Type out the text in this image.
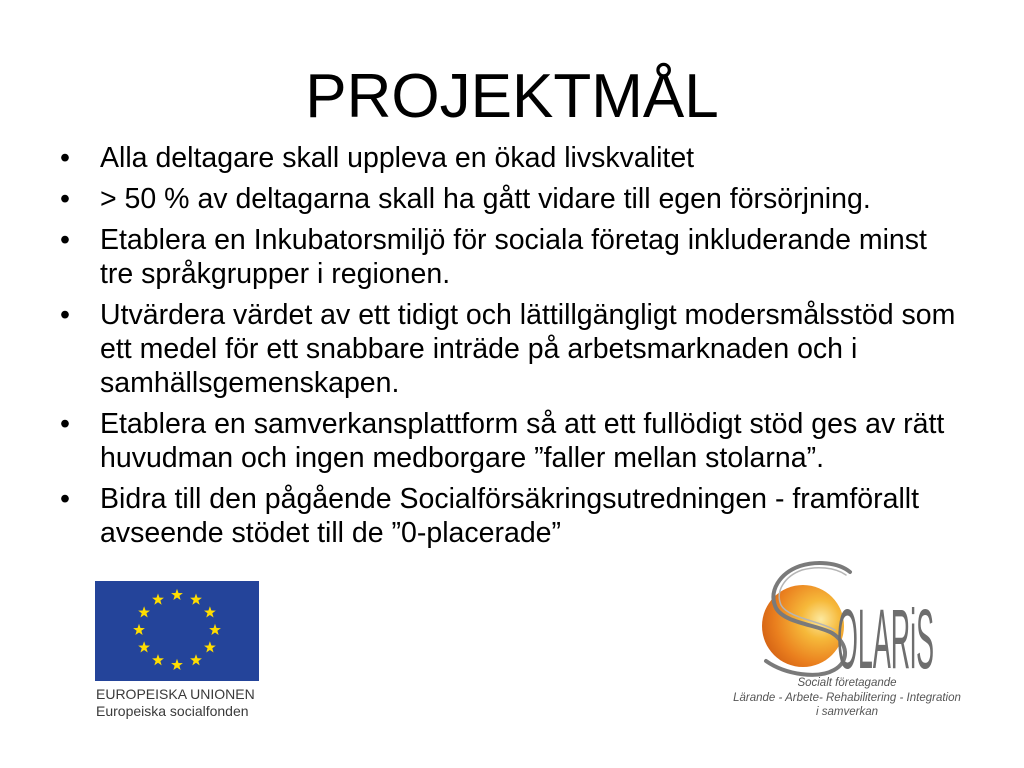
PROJEKTMÅL
• Alla deltagare skall uppleva en ökad livskvalitet
• > 50 % av deltagarna skall ha gått vidare till egen försörjning.
• Etablera en Inkubatorsmiljö för sociala företag inkluderande minst
tre språkgrupper i regionen.
• Utvärdera värdet av ett tidigt och lättillgängligt modersmålsstöd som
ett medel för ett snabbare inträde på arbetsmarknaden och i
samhällsgemenskapen.
• Etablera en samverkansplattform så att ett fullödigt stöd ges av rätt
huvudman och ingen medborgare ”faller mellan stolarna”.
• Bidra till den pågående Socialförsäkringsutredningen - framförallt
avseende stödet till de ”0-placerade”
EUROPEISKA UNIONEN
Europeiska socialfonden
OLARiS
Socialt företagande
Lärande - Arbete- Rehabilitering - Integration
i samverkan
